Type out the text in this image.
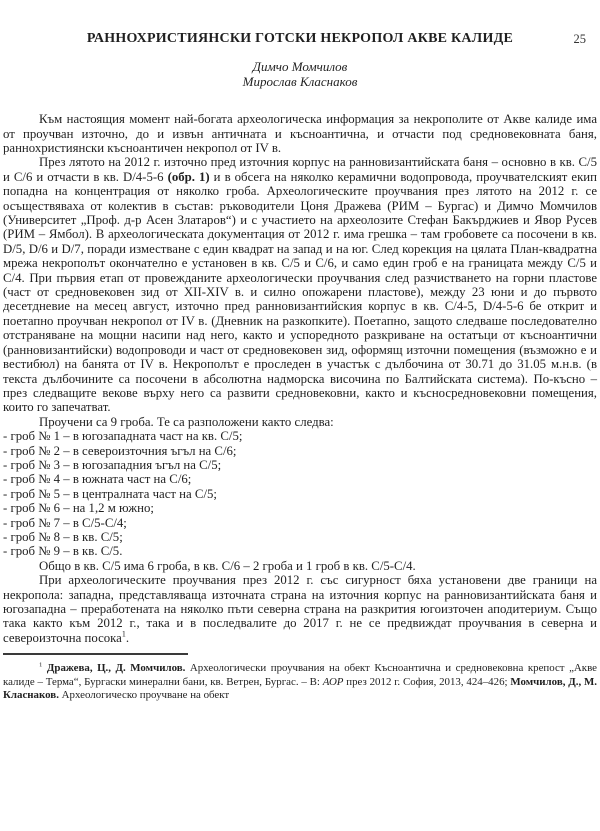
25
РАННОХРИСТИЯНСКИ ГОТСКИ НЕКРОПОЛ АКВЕ КАЛИДЕ
Димчо Момчилов
Мирослав Класнаков

Към настоящия момент най-богата археологическа информация за некрополите от Акве калиде има от проучван източно, до и извън античната и късноантична, и отчасти под средновековната баня, раннохристиянски късноантичен некропол от IV в.

През лятото на 2012 г. източно пред източния корпус на ранновизантийската баня – основно в кв. С/5 и С/6 и отчасти в кв. D/4-5-6 (обр. 1) и в обсега на няколко керамични водопровода, проучвателският екип попадна на концентрация от няколко гроба. Археологическите проучвания през лятото на 2012 г. се осъществяваха от колектив в състав: ръководители Цоня Дражева (РИМ – Бургас) и Димчо Момчилов (Университет „Проф. д-р Асен Златаров“) и с участието на археолозите Стефан Бакърджиев и Явор Русев (РИМ – Ямбол). В археологическата документация от 2012 г. има грешка – там гробовете са посочени в кв. D/5, D/6 и D/7, поради изместване с един квадрат на запад и на юг. След корекция на цялата План-квадратна мрежа некрополът окончателно е установен в кв. С/5 и С/6, и само един гроб е на границата между С/5 и С/4. При първия етап от провежданите археологически проучвания след разчистването на горни пластове (част от средновековен зид от XII-XIV в. и силно опожарени пластове), между 23 юни и до първото десетдневие на месец август, източно пред ранновизантийския корпус в кв. С/4-5, D/4-5-6 бе открит и поетапно проучван некропол от IV в. (Дневник на разкопките). Поетапно, защото следваше последователно отстраняване на мощни насипи над него, както и успоредното разкриване на остатъци от късноантични (ранновизантийски) водопроводи и част от средновековен зид, оформящ източни помещения (възможно е и вестибюл) на банята от IV в. Некрополът е проследен в участък с дълбочина от 30.71 до 31.05 м.н.в. (в текста дълбочините са посочени в абсолютна надморска височина по Балтийската система). По-късно – през следващите векове върху него са развити средновековни, както и късносредновековни помещения, които го запечатват.

Проучени са 9 гроба. Те са разположени както следва:

- гроб № 1 – в югозападната част на кв. С/5;

- гроб № 2 – в североизточния ъгъл на С/6;

- гроб № 3 – в югозападния ъгъл на С/5;

- гроб № 4 – в южната част на С/6;

- гроб № 5 – в централната част на С/5;

- гроб № 6 – на 1,2 м южно;

- гроб № 7 – в С/5-С/4;

- гроб № 8 – в кв. С/5;

- гроб № 9 – в кв. С/5.

Общо в кв. С/5 има 6 гроба, в кв. С/6 – 2 гроба и 1 гроб в кв. С/5-С/4.

При археологическите проучвания през 2012 г. със сигурност бяха установени две граници на некропола: западна, представляваща източната страна на източния корпус на ранновизантийската баня и югозападна – преработената на няколко пъти северна страна на разкрития югоизточен аподитериум. Също така както към 2012 г., така и в последвалите до 2017 г. не се предвиждат проучвания в северна и североизточна посока$^1$.

$^1$ Дражева, Ц., Д. Момчилов. Археологически проучвания на обект Късноантична и средновековна крепост „Акве калиде – Терма“, Бургаски минерални бани, кв. Ветрен, Бургас. – В: АОР през 2012 г. София, 2013, 424–426; Момчилов, Д., М. Класнаков. Археологическо проучване на обект
